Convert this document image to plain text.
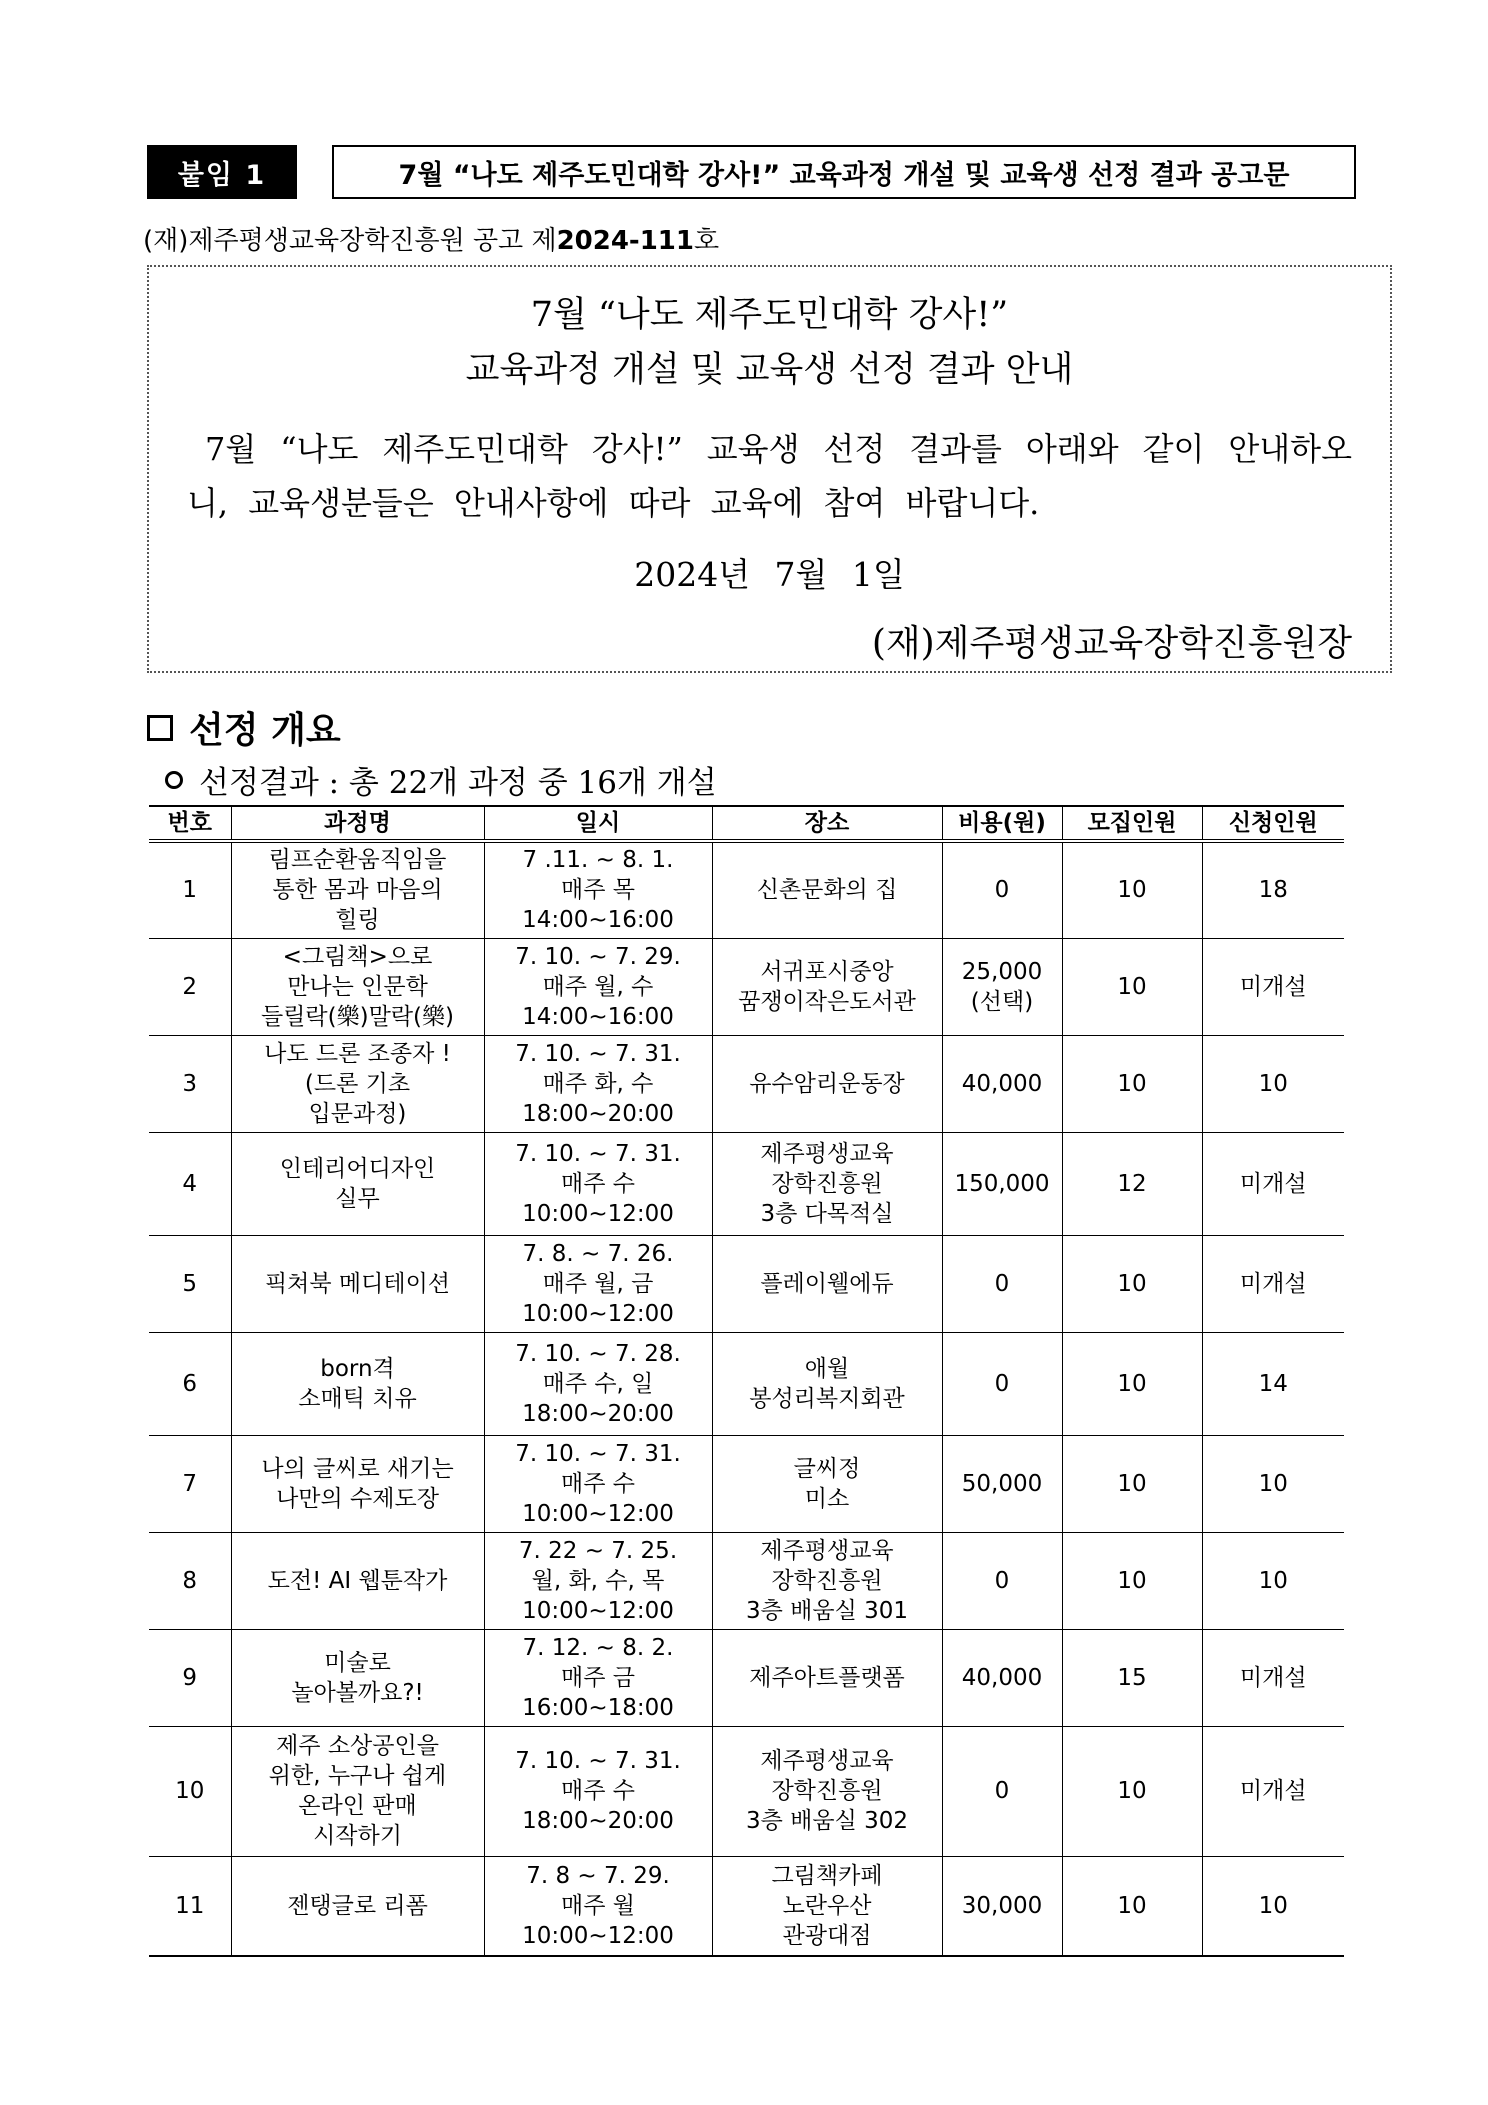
붙임 1	7월 “나도 제주도민대학 강사!” 교육과정 개설 및 교육생 선정 결과 공고문
(재)제주평생교육장학진흥원 공고 제2024-111호
7월 “나도 제주도민대학 강사!”
교육과정 개설 및 교육생 선정 결과 안내
7월 “나도 제주도민대학 강사!” 교육생 선정 결과를 아래와 같이 안내하오니, 교육생분들은 안내사항에 따라 교육에 참여 바랍니다.
2024년 7월 1일
(재)제주평생교육장학진흥원장
선정 개요
선정결과 : 총 22개 과정 중 16개 개설
번호	과정명	일시	장소	비용(원)	모집인원	신청인원
1	림프순환움직임을
통한 몸과 마음의
힐링	7 .11. ~ 8. 1.
매주 목
14:00~16:00	신촌문화의 집	0	10	18
2	<그림책>으로
만나는 인문학
들릴락(樂)말락(樂)	7. 10. ~ 7. 29.
매주 월, 수
14:00~16:00	서귀포시중앙
꿈쟁이작은도서관	25,000
(선택)	10	미개설
3	나도 드론 조종자 !
(드론 기초
입문과정)	7. 10. ~ 7. 31.
매주 화, 수
18:00~20:00	유수암리운동장	40,000	10	10
4	인테리어디자인
실무	7. 10. ~ 7. 31.
매주 수
10:00~12:00	제주평생교육
장학진흥원
3층 다목적실	150,000	12	미개설
5	픽쳐북 메디테이션	7. 8. ~ 7. 26.
매주 월, 금
10:00~12:00	플레이웰에듀	0	10	미개설
6	born격
소매틱 치유	7. 10. ~ 7. 28.
매주 수, 일
18:00~20:00	애월
봉성리복지회관	0	10	14
7	나의 글씨로 새기는
나만의 수제도장	7. 10. ~ 7. 31.
매주 수
10:00~12:00	글씨정
미소	50,000	10	10
8	도전! AI 웹툰작가	7. 22 ~ 7. 25.
월, 화, 수, 목
10:00~12:00	제주평생교육
장학진흥원
3층 배움실 301	0	10	10
9	미술로
놀아볼까요?!	7. 12. ~ 8. 2.
매주 금
16:00~18:00	제주아트플랫폼	40,000	15	미개설
10	제주 소상공인을
위한, 누구나 쉽게
온라인 판매
시작하기	7. 10. ~ 7. 31.
매주 수
18:00~20:00	제주평생교육
장학진흥원
3층 배움실 302	0	10	미개설
11	젠탱글로 리폼	7. 8 ~ 7. 29.
매주 월
10:00~12:00	그림책카페
노란우산
관광대점	30,000	10	10
